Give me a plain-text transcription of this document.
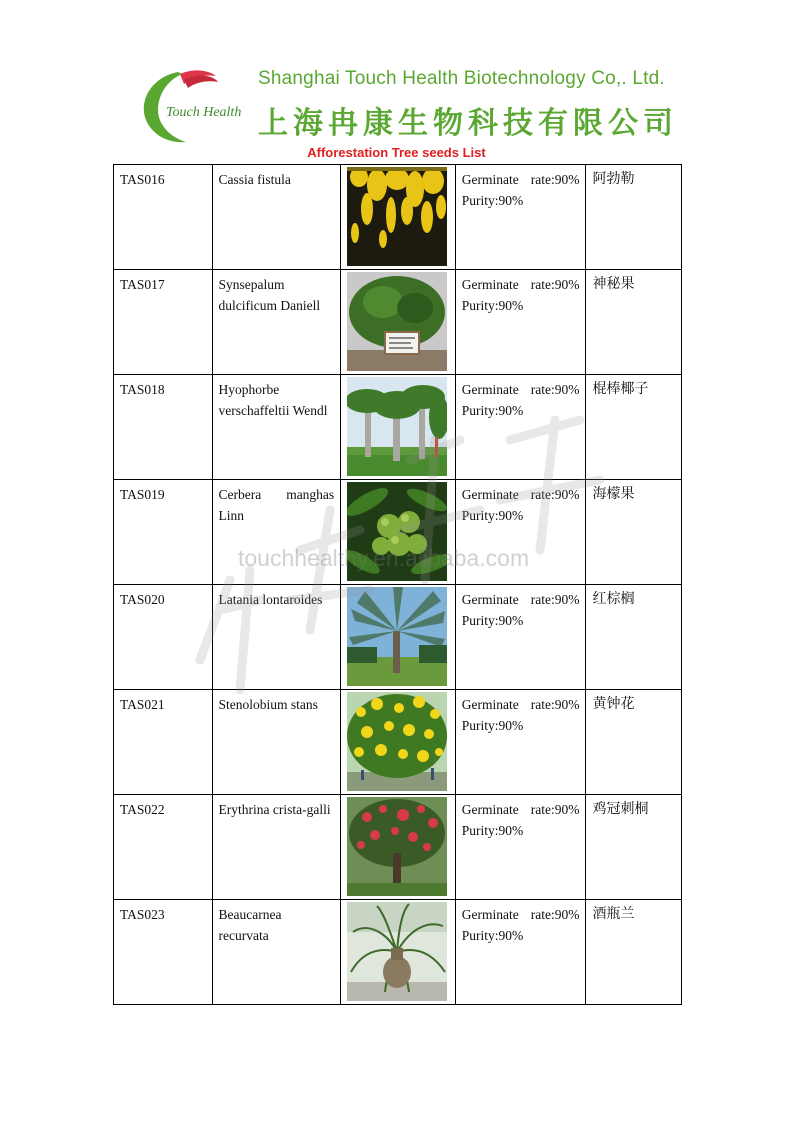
Touch Health
Shanghai Touch Health Biotechnology Co,. Ltd.
上海冉康生物科技有限公司
Afforestation Tree seeds List
TAS016	Cassia fistula		Germinate rate:90%
Purity:90%	阿勃勒

TAS017	Synsepalum dulcificum Daniell		Germinate rate:90%
Purity:90%	神秘果

TAS018	Hyophorbe verschaffeltii Wendl		Germinate rate:90%
Purity:90%	棍棒椰子

TAS019	Cerbera manghas Linn		Germinate rate:90%
Purity:90%	海檬果

TAS020	Latania lontaroides		Germinate rate:90%
Purity:90%	红棕榈

TAS021	Stenolobium stans		Germinate rate:90%
Purity:90%	黄钟花

TAS022	Erythrina crista-galli		Germinate rate:90%
Purity:90%	鸡冠刺桐

TAS023	Beaucarnea recurvata		Germinate rate:90%
Purity:90%	酒瓶兰
touchhealthy.en.alibaba.com
